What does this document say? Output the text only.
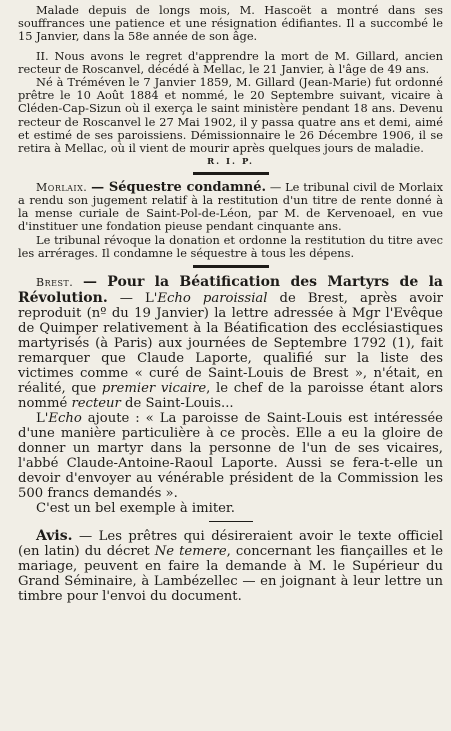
Malade depuis de longs mois, M. Hascoët a montré dans ses souffrances une patience et une résignation édifiantes. Il a succombé le 15 Janvier, dans la 58e année de son âge.

II. Nous avons le regret d'apprendre la mort de M. Gillard, ancien recteur de Roscanvel, décédé à Mellac, le 21 Janvier, à l'âge de 49 ans.

Né à Tréméven le 7 Janvier 1859, M. Gillard (Jean-Marie) fut ordonné prêtre le 10 Août 1884 et nommé, le 20 Septembre suivant, vicaire à Cléden-Cap-Sizun où il exerça le saint ministère pendant 18 ans. Devenu recteur de Roscanvel le 27 Mai 1902, il y passa quatre ans et demi, aimé et estimé de ses paroissiens. Démissionnaire le 26 Décembre 1906, il se retira à Mellac, où il vient de mourir après quelques jours de maladie.

R. I. P.

Morlaix. — Séquestre condamné. — Le tribunal civil de Morlaix a rendu son jugement relatif à la restitution d'un titre de rente donné à la mense curiale de Saint-Pol-de-Léon, par M. de Kervenoael, en vue d'instituer une fondation pieuse pendant cinquante ans.

Le tribunal révoque la donation et ordonne la restitution du titre avec les arrérages. Il condamne le séquestre à tous les dépens.

Brest. — Pour la Béatification des Martyrs de la Révolution. — L'Echo paroissial de Brest, après avoir reproduit (nº du 19 Janvier) la lettre adressée à Mgr l'Evêque de Quimper relativement à la Béatification des ecclésiastiques martyrisés (à Paris) aux journées de Septembre 1792 (1), fait remarquer que Claude Laporte, qualifié sur la liste des victimes comme « curé de Saint-Louis de Brest », n'était, en réalité, que premier vicaire, le chef de la paroisse étant alors nommé recteur de Saint-Louis...

L'Echo ajoute : « La paroisse de Saint-Louis est intéressée d'une manière particulière à ce procès. Elle a eu la gloire de donner un martyr dans la personne de l'un de ses vicaires, l'abbé Claude-Antoine-Raoul Laporte. Aussi se fera-t-elle un devoir d'envoyer au vénérable président de la Commission les 500 francs demandés ».

C'est un bel exemple à imiter.

Avis. — Les prêtres qui désireraient avoir le texte officiel (en latin) du décret Ne temere, concernant les fiançailles et le mariage, peuvent en faire la demande à M. le Supérieur du Grand Séminaire, à Lambézellec — en joignant à leur lettre un timbre pour l'envoi du document.
